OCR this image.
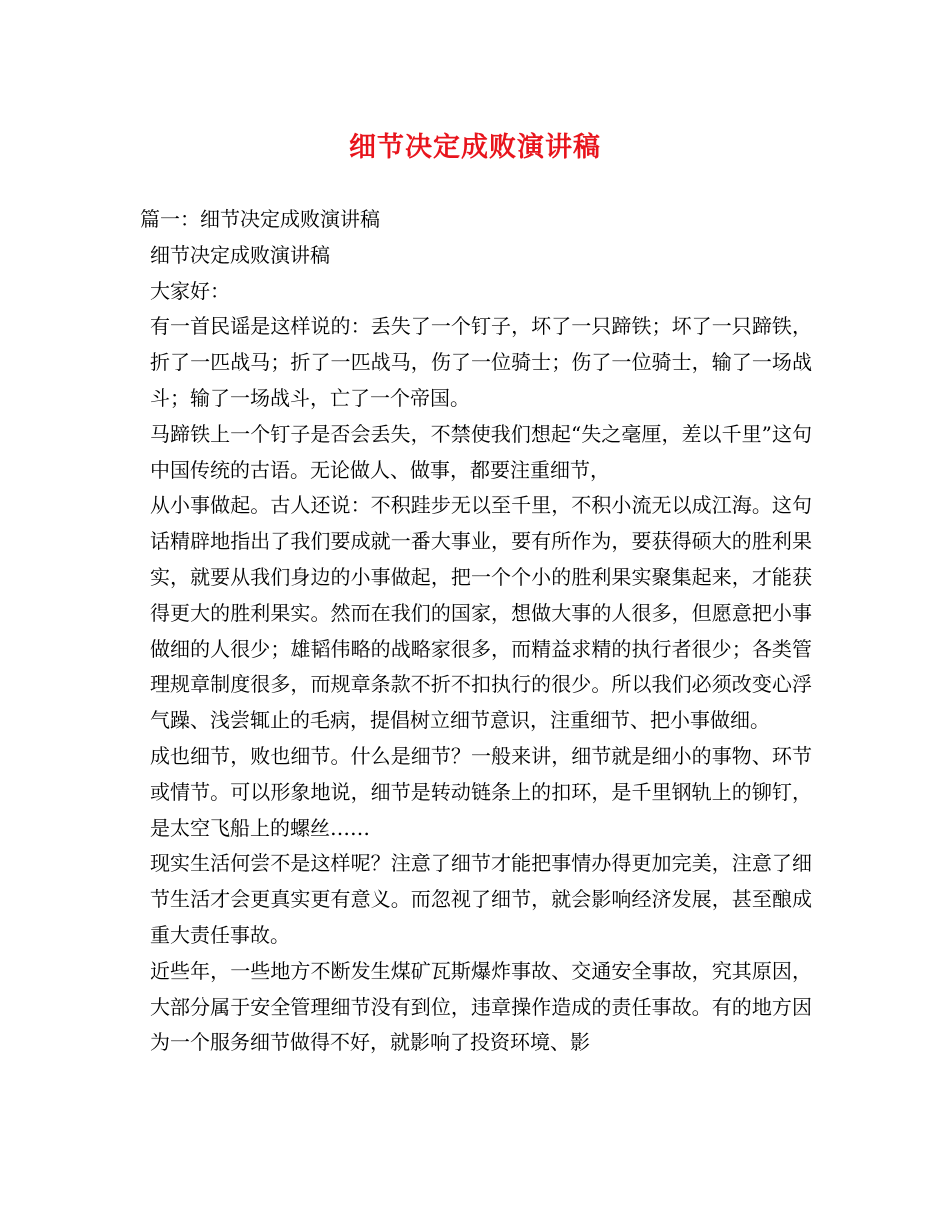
细节决定成败演讲稿

篇一：细节决定成败演讲稿

细节决定成败演讲稿

大家好：

有一首民谣是这样说的：丢失了一个钉子，坏了一只蹄铁；坏了一只蹄铁，折了一匹战马；折了一匹战马，伤了一位骑士；伤了一位骑士，输了一场战斗；输了一场战斗，亡了一个帝国。

马蹄铁上一个钉子是否会丢失，不禁使我们想起“失之毫厘，差以千里”这句中国传统的古语。无论做人、做事，都要注重细节，

从小事做起。古人还说：不积跬步无以至千里，不积小流无以成江海。这句话精辟地指出了我们要成就一番大事业，要有所作为，要获得硕大的胜利果实，就要从我们身边的小事做起，把一个个小的胜利果实聚集起来，才能获得更大的胜利果实。然而在我们的国家，想做大事的人很多，但愿意把小事做细的人很少；雄韬伟略的战略家很多，而精益求精的执行者很少；各类管理规章制度很多，而规章条款不折不扣执行的很少。所以我们必须改变心浮气躁、浅尝辄止的毛病，提倡树立细节意识，注重细节、把小事做细。

成也细节，败也细节。什么是细节？一般来讲，细节就是细小的事物、环节或情节。可以形象地说，细节是转动链条上的扣环，是千里钢轨上的铆钉，是太空飞船上的螺丝……

现实生活何尝不是这样呢？注意了细节才能把事情办得更加完美，注意了细节生活才会更真实更有意义。而忽视了细节，就会影响经济发展，甚至酿成重大责任事故。

近些年，一些地方不断发生煤矿瓦斯爆炸事故、交通安全事故，究其原因，大部分属于安全管理细节没有到位，违章操作造成的责任事故。有的地方因为一个服务细节做得不好，就影响了投资环境、影
